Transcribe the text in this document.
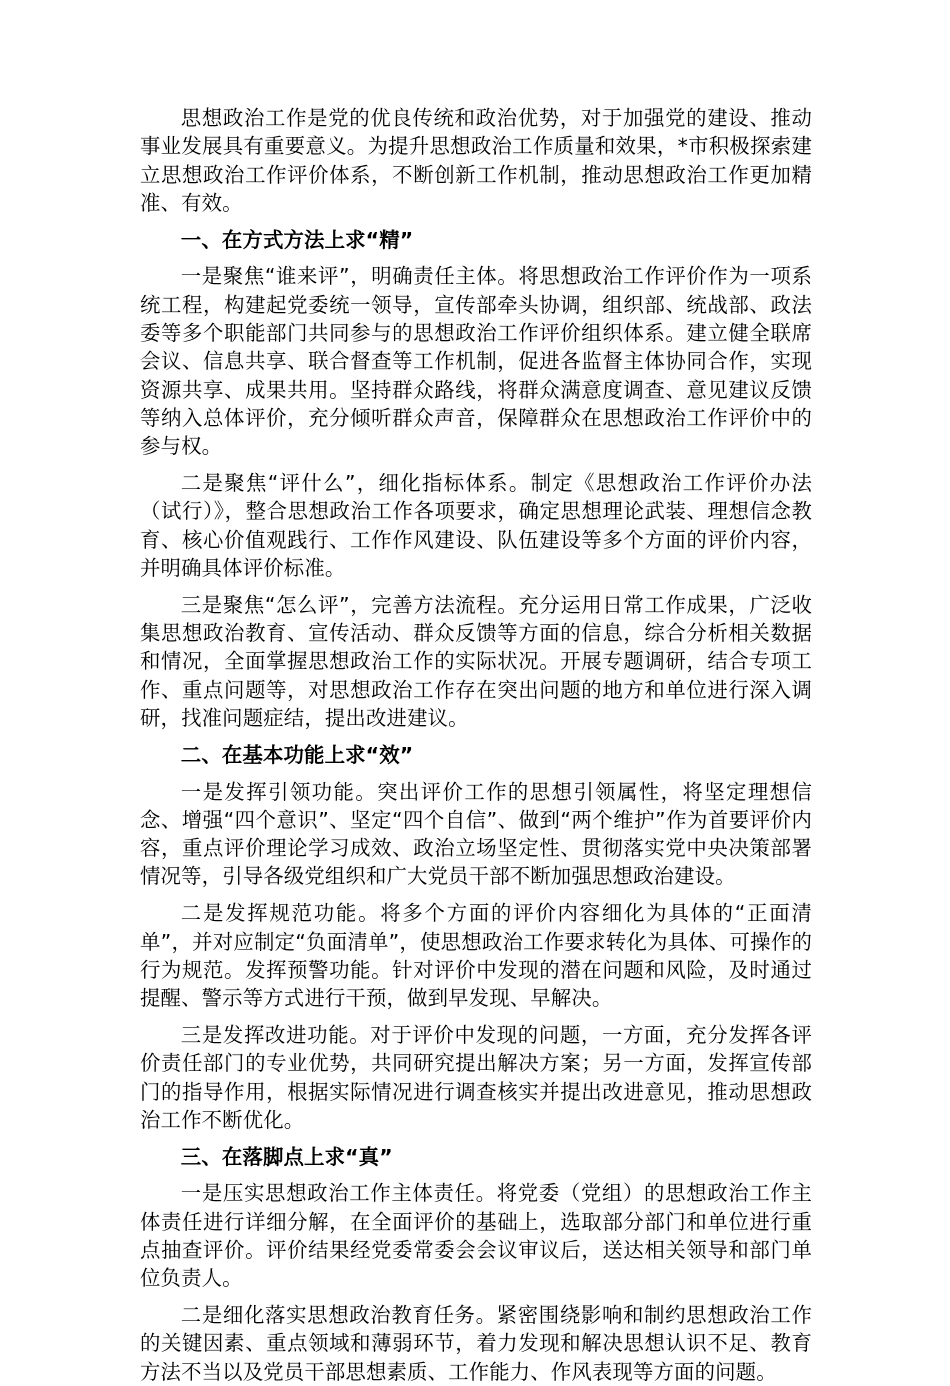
思想政治工作是党的优良传统和政治优势，对于加强党的建设、推动事业发展具有重要意义。为提升思想政治工作质量和效果，*市积极探索建立思想政治工作评价体系，不断创新工作机制，推动思想政治工作更加精准、有效。

一、在方式方法上求“精”

一是聚焦“谁来评”，明确责任主体。将思想政治工作评价作为一项系统工程，构建起党委统一领导，宣传部牵头协调，组织部、统战部、政法委等多个职能部门共同参与的思想政治工作评价组织体系。建立健全联席会议、信息共享、联合督查等工作机制，促进各监督主体协同合作，实现资源共享、成果共用。坚持群众路线，将群众满意度调查、意见建议反馈等纳入总体评价，充分倾听群众声音，保障群众在思想政治工作评价中的参与权。

二是聚焦“评什么”，细化指标体系。制定《思想政治工作评价办法（试行）》，整合思想政治工作各项要求，确定思想理论武装、理想信念教育、核心价值观践行、工作作风建设、队伍建设等多个方面的评价内容，并明确具体评价标准。

三是聚焦“怎么评”，完善方法流程。充分运用日常工作成果，广泛收集思想政治教育、宣传活动、群众反馈等方面的信息，综合分析相关数据和情况，全面掌握思想政治工作的实际状况。开展专题调研，结合专项工作、重点问题等，对思想政治工作存在突出问题的地方和单位进行深入调研，找准问题症结，提出改进建议。

二、在基本功能上求“效”

一是发挥引领功能。突出评价工作的思想引领属性，将坚定理想信念、增强“四个意识”、坚定“四个自信”、做到“两个维护”作为首要评价内容，重点评价理论学习成效、政治立场坚定性、贯彻落实党中央决策部署情况等，引导各级党组织和广大党员干部不断加强思想政治建设。

二是发挥规范功能。将多个方面的评价内容细化为具体的“正面清单”，并对应制定“负面清单”，使思想政治工作要求转化为具体、可操作的行为规范。发挥预警功能。针对评价中发现的潜在问题和风险，及时通过提醒、警示等方式进行干预，做到早发现、早解决。

三是发挥改进功能。对于评价中发现的问题，一方面，充分发挥各评价责任部门的专业优势，共同研究提出解决方案；另一方面，发挥宣传部门的指导作用，根据实际情况进行调查核实并提出改进意见，推动思想政治工作不断优化。

三、在落脚点上求“真”

一是压实思想政治工作主体责任。将党委（党组）的思想政治工作主体责任进行详细分解，在全面评价的基础上，选取部分部门和单位进行重点抽查评价。评价结果经党委常委会会议审议后，送达相关领导和部门单位负责人。

二是细化落实思想政治教育任务。紧密围绕影响和制约思想政治工作的关键因素、重点领域和薄弱环节，着力发现和解决思想认识不足、教育方法不当以及党员干部思想素质、工作能力、作风表现等方面的问题。
